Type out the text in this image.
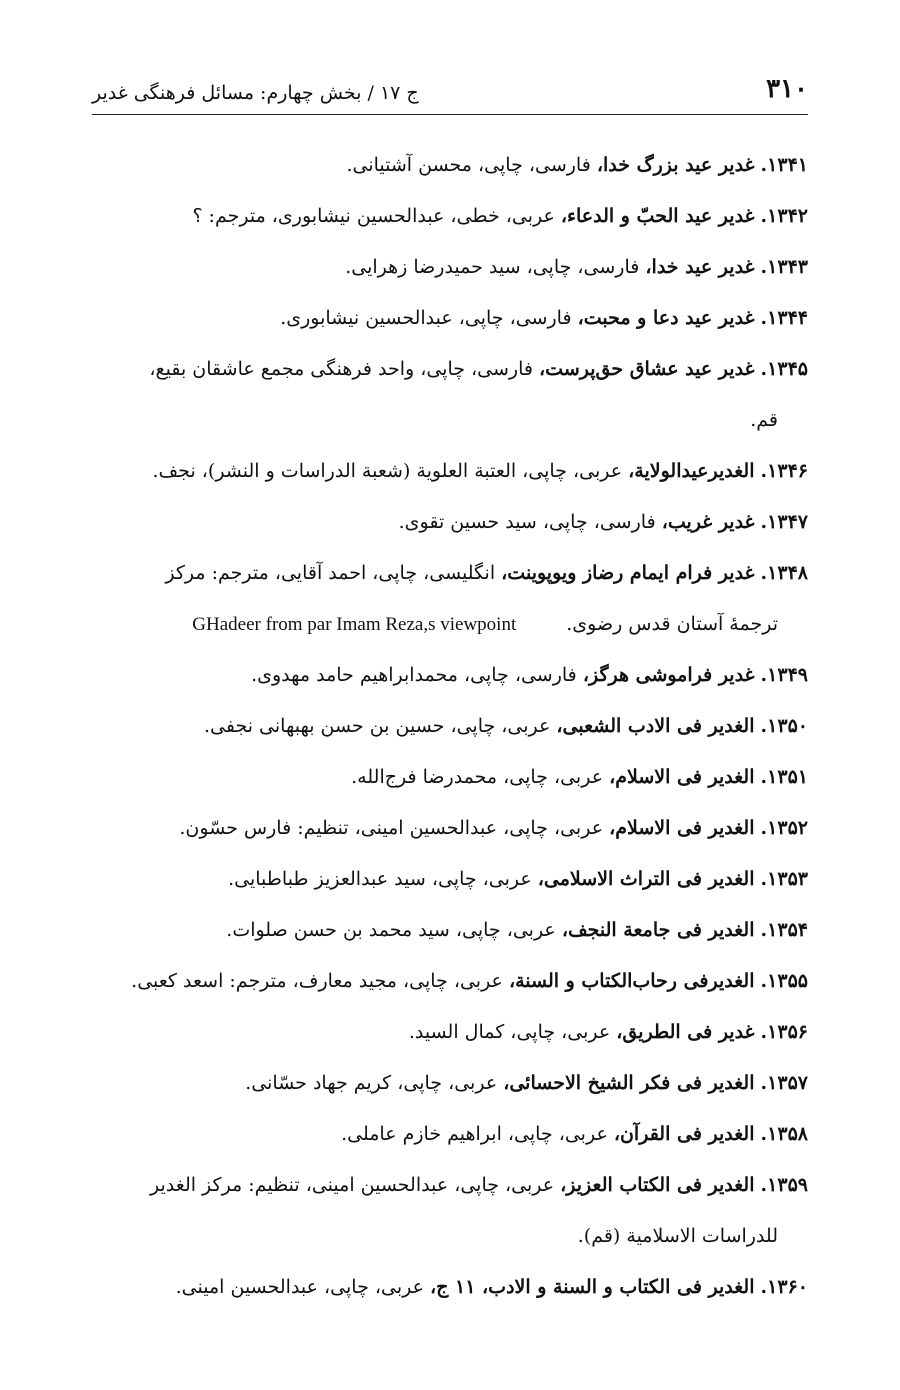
۳۱۰
ج ۱۷ / بخش چهارم: مسائل فرهنگی غدیر
۱۳۴۱. غدیر عید بزرگ خدا، فارسی، چاپی، محسن آشتیانی.
۱۳۴۲. غدیر عید الحبّ و الدعاء، عربی، خطی، عبدالحسین نیشابوری، مترجم: ؟
۱۳۴۳. غدیر عید خدا، فارسی، چاپی، سید حمیدرضا زهرایی.
۱۳۴۴. غدیر عید دعا و محبت، فارسی، چاپی، عبدالحسین نیشابوری.
۱۳۴۵. غدیر عید عشاق حق‌پرست، فارسی، چاپی، واحد فرهنگی مجمع عاشقان بقیع،
قم.
۱۳۴۶. الغدیرعیدالولایة، عربی، چاپی، العتبة العلویة (شعبة الدراسات و النشر)، نجف.
۱۳۴۷. غدیر غریب، فارسی، چاپی، سید حسین تقوی.
۱۳۴۸. غدیر فرام ایمام رضاز ویوپوینت، انگلیسی، چاپی، احمد آقایی، مترجم: مرکز
ترجمهٔ آستان قدس رضوی.GHadeer from par Imam Reza,s viewpoint
۱۳۴۹. غدیر فراموشی هرگز، فارسی، چاپی، محمدابراهیم حامد مهدوی.
۱۳۵۰. الغدیر فی الادب الشعبی، عربی، چاپی، حسین بن حسن بهبهانی نجفی.
۱۳۵۱. الغدیر فی الاسلام، عربی، چاپی، محمدرضا فرج‌الله.
۱۳۵۲. الغدیر فی الاسلام، عربی، چاپی، عبدالحسین امینی، تنظیم: فارس حسّون.
۱۳۵۳. الغدیر فی التراث الاسلامی، عربی، چاپی، سید عبدالعزیز طباطبایی.
۱۳۵۴. الغدیر فی جامعة النجف، عربی، چاپی، سید محمد بن حسن صلوات.
۱۳۵۵. الغدیرفی رحاب‌الکتاب و السنة، عربی، چاپی، مجید معارف، مترجم: اسعد کعبی.
۱۳۵۶. غدیر فی الطریق، عربی، چاپی، کمال السید.
۱۳۵۷. الغدیر فی فکر الشیخ الاحسائی، عربی، چاپی، کریم جهاد حسّانی.
۱۳۵۸. الغدیر فی القرآن، عربی، چاپی، ابراهیم خازم عاملی.
۱۳۵۹. الغدیر فی الکتاب العزیز، عربی، چاپی، عبدالحسین امینی، تنظیم: مرکز الغدیر
للدراسات الاسلامیة (قم).
۱۳۶۰. الغدیر فی الکتاب و السنة و الادب، ۱۱ ج، عربی، چاپی، عبدالحسین امینی.
